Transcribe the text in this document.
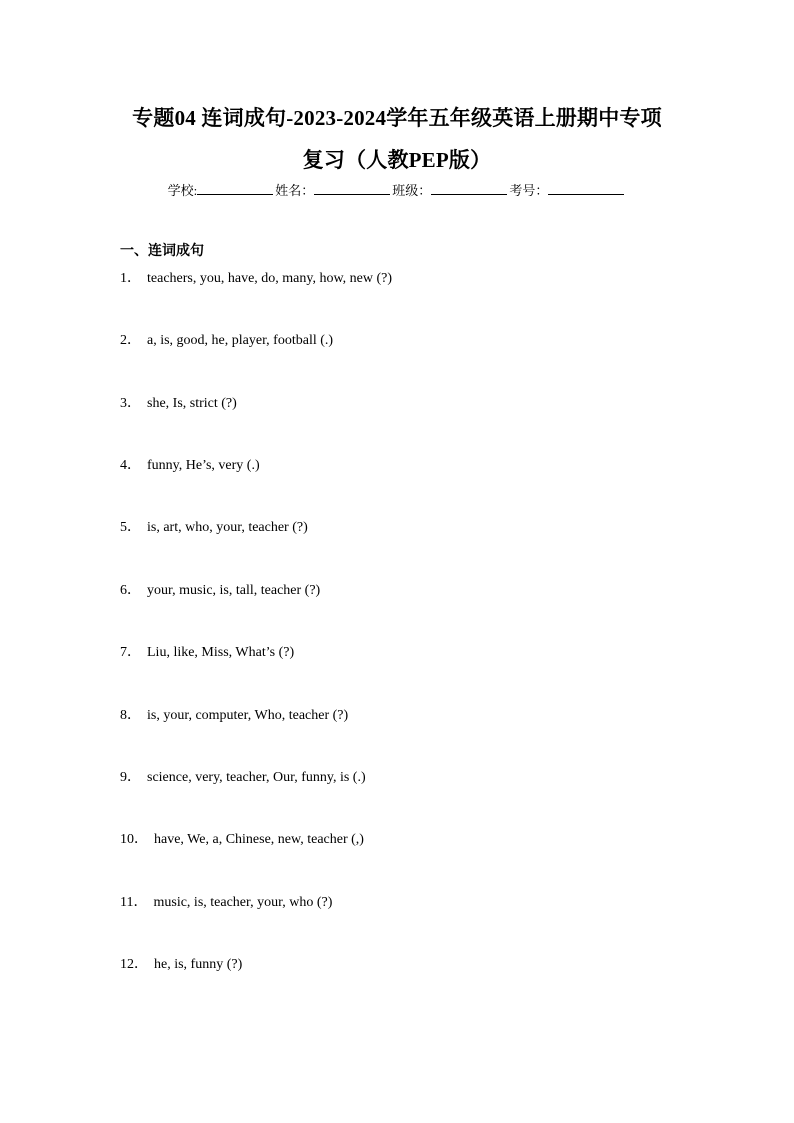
专题04 连词成句-2023-2024学年五年级英语上册期中专项
复习（人教PEP版）
学校:	姓名：	班级：	考号：
一、连词成句
1． teachers, you, have, do, many, how, new (?)
2． a, is, good, he, player, football (.)
3． she, Is, strict (?)
4． funny, He’s, very (.)
5． is, art, who, your, teacher (?)
6． your, music, is, tall, teacher (?)
7． Liu, like, Miss, What’s (?)
8． is, your, computer, Who, teacher (?)
9． science, very, teacher, Our, funny, is (.)
10． have, We, a, Chinese, new, teacher (,)
11． music, is, teacher, your, who (?)
12． he, is, funny (?)
